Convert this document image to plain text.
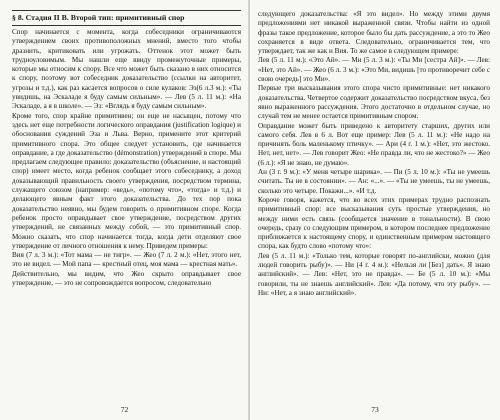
§ 8. Стадия II В. Второй тип: примитивный спор

Спор начинается с момента, когда собеседники ограничиваются утверждением своих противоположных мнений, вместо того чтобы дразнить, критиковать или угрожать. Оттенок этот может быть трудноуловимым. Мы нашли еще ввиду промежуточные примеры, которые мы относим к спору. Все что может быть сказано в них относится к спору, поэтому вот собеседник доказательство (ссылки на авторитет, угрозы и т.д.), как раз касается вопросов о силе кулаков: Эз(6 л.3 м.): «Ты увидишь, на Эскаладе я буду самым сильным». — Лев (5 л. 11 м.): «На Эскаладе, а я в школе». — Эз: «Вглядь я буду самым сильным».

Кроме того, спор крайне примитивен; он еще не насыщен, потому что здесь нет еще потребности логического оправдания (justification logique) и обоснования суждений Эза и Льва. Верно, примените этот критерий примитивного спора. Это общее следует установить, где начинается оправдание, а где доказательство (démonstration) утверждений в споре. Мы предлагаем следующее правило: доказательство (объяснение, и настоящий спор) имеет место, когда ребенок сообщает этого собеседнику, а доход доказывающий правильность своего утверждения, посредством термина, служащего союзом (например: «ведь», «потому что», «тогда» и т.д.) и делающего явным факт этого доказательства. До тех пор пока доказательство неявно, мы будем говорить о примитивном споре. Когда ребенок просто оправдывает свое утверждение, посредством других утверждений, не связанных между собой, — это примитивный спор. Можно сказать, что спор начинается тогда, когда дети отделяют свое утверждение от личного отношения к нему. Приведем примеры:

Вия (7 л. 3 м.): «Тот мама — не тигр». — Жео (7 л. 2 м.): «Нет, этого нет, это не видел. — Мой папа — крестный отец, моя мама — крестная мать».

Действительно, мы видим, что Жео скрыто оправдывает свое утверждение, — это не сопровождается вопросом, следовательно

72

следующего доказательства: «Я это видел». Но между этими двумя предложениями нет никакой выраженной связи. Чтобы найти из одной фразы такое предложение, которое было бы дать рассуждение, а это то Жео сохраняется в виде ответа. Следовательно, ограничивается тем, что утверждает, так же как и Вия. То же самое в следующем примере:

Лев (5 л. 11 м.): «Это Ай». — Ми (5 л. 3 м.): «Ты Ми [сестра Ай]». — Лев: «Нет, это Ай». — Жео (6 л. 3 м.): «Это Ми, видишь [то противоречит себе с свою очередь] это Ми».

Первые три высказывания этого спора чисто примитивные: нет никакого доказательства. Четвертое содержит доказательство посредством вкуса, без явно выраженного рассуждения. Этого достаточно в отдельном случае, но случай тем не менее остается примитивным спором.

Оправдание может быть приведено к авторитету старших, других или самого себя. Лев в 6 л. Вот еще пример: Лев (5 л. 11 м.): «Не надо на причинять боль маленькому птичку». — Ари (4 г. 1 м.): «Нет, это жестоко. Нет, нет, нет». — Лев говорит Жео: «Не правда ли, что не жестоко?» — Жео (6 л.): «Я не знаю, не думаю».

Ан (3 г. 9 м.): «У меня четыре шарика». — Пи (5 л. 10 м.): «Ты не умеешь считать. Ты не в состоянии». — Ан: «...». — «Ты не умеешь, ты не умеешь, сколько это четыре. Покажи...». «И т.д.

Короче говоря, кажется, что во всех этих примерах трудно распознать примитивный спор: все высказывания суть простые утверждения, но между ними есть связь (сообщается значение в тональности). В свою очередь, сразу со следующим примером, в котором последнее предложение приближается к настоящему спору, и единственным примером настоящего спора, как будто слово «потому что»:

Лев (5 л. 11 м.): «Только тем, которые говорят по-английски, можно (для людей говорить рыбу)». — Ни (4 г. 4 м.): «Нельзя ли [Без] дать». Я знаю английский». — Лев: «Нет, это не правда». — Бе (5 л. 10 м.): «Мы говорили, ты не знаешь английский». Лев: «Да потому, что эту рыбу». — Ни: «Нет, а я знаю английский».

73
